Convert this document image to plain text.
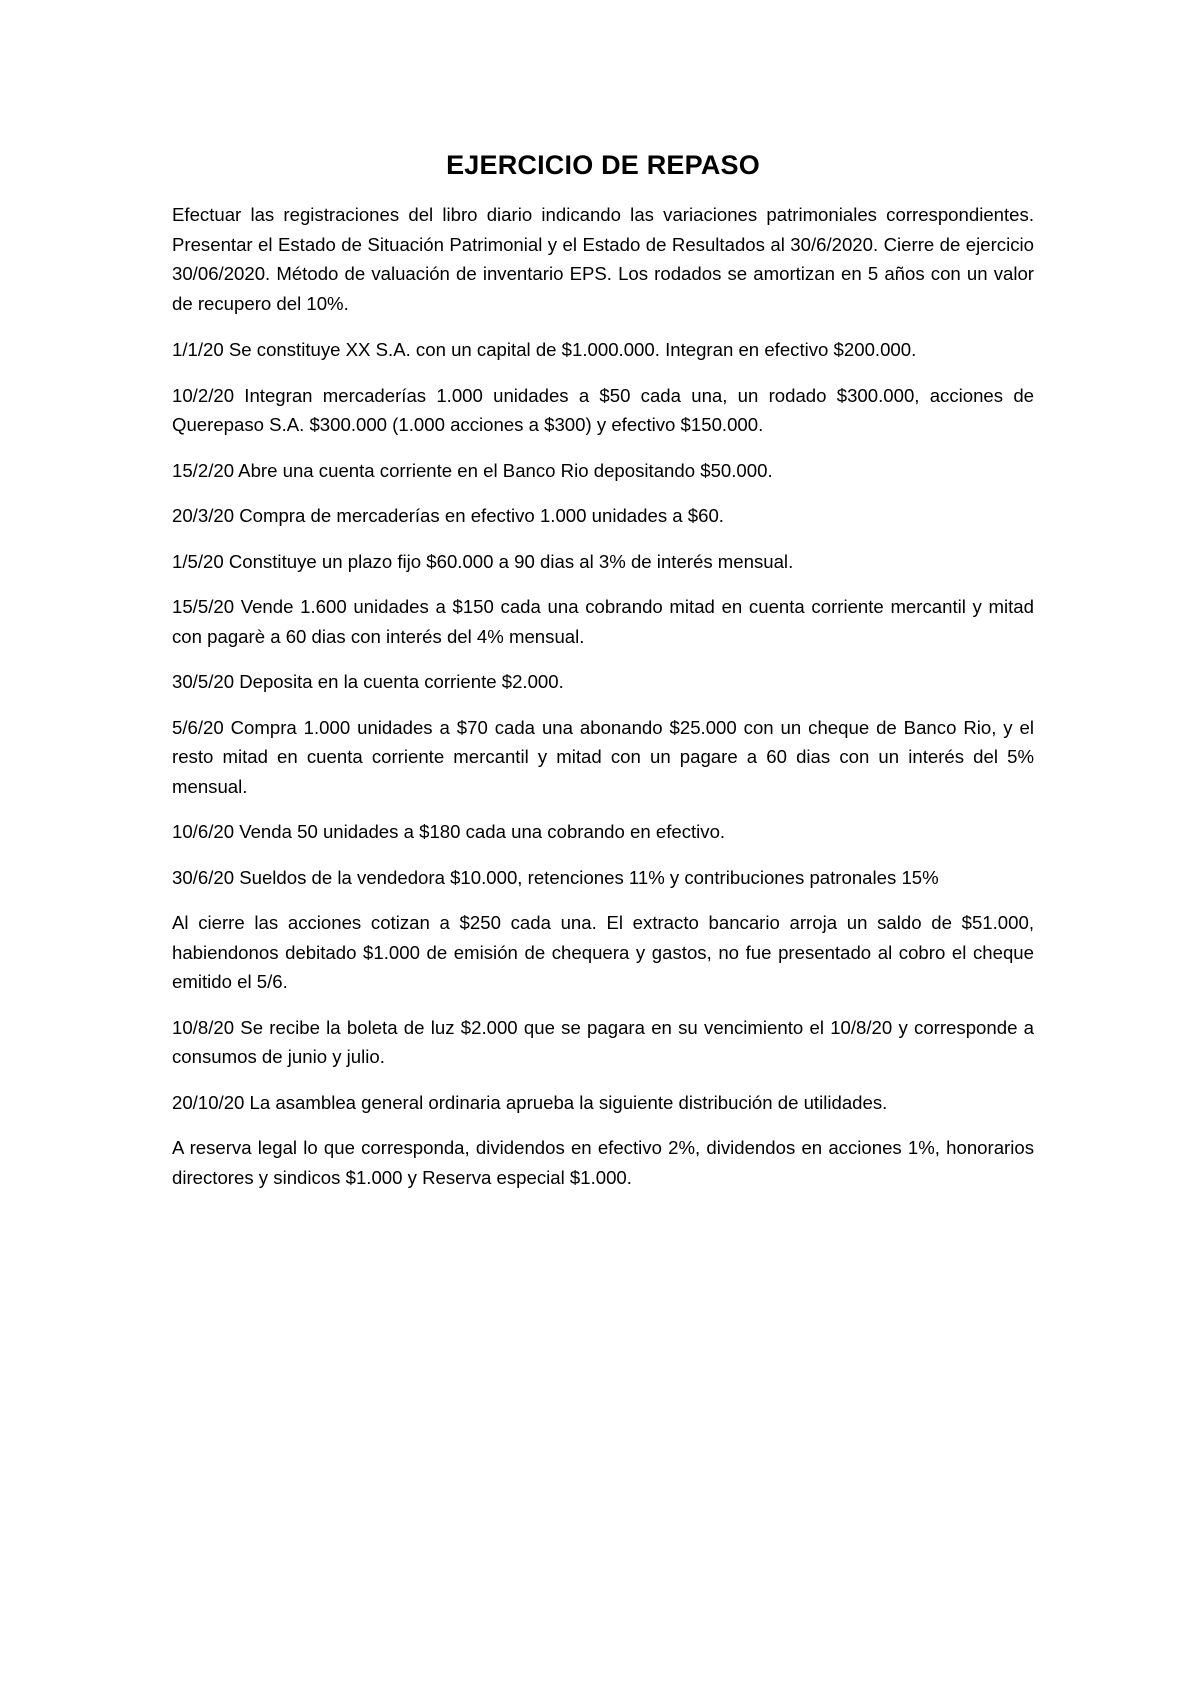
EJERCICIO DE REPASO

Efectuar las registraciones del libro diario indicando las variaciones patrimoniales correspondientes. Presentar el Estado de Situación Patrimonial y el Estado de Resultados al 30/6/2020. Cierre de ejercicio 30/06/2020. Método de valuación de inventario EPS. Los rodados se amortizan en 5 años con un valor de recupero del 10%.

1/1/20 Se constituye XX S.A. con un capital de $1.000.000. Integran en efectivo $200.000.

10/2/20 Integran mercaderías 1.000 unidades a $50 cada una, un rodado $300.000, acciones de Querepaso S.A. $300.000 (1.000 acciones a $300) y efectivo $150.000.

15/2/20 Abre una cuenta corriente en el Banco Rio depositando $50.000.

20/3/20 Compra de mercaderías en efectivo 1.000 unidades a $60.

1/5/20 Constituye un plazo fijo $60.000 a 90 dias al 3% de interés mensual.

15/5/20 Vende 1.600 unidades a $150 cada una cobrando mitad en cuenta corriente mercantil y mitad con pagarè a 60 dias con interés del 4% mensual.

30/5/20 Deposita en la cuenta corriente $2.000.

5/6/20 Compra 1.000 unidades a $70 cada una abonando $25.000 con un cheque de Banco Rio, y el resto mitad en cuenta corriente mercantil y mitad con un pagare a 60 dias con un interés del 5% mensual.

10/6/20 Venda 50 unidades a $180 cada una cobrando en efectivo.

30/6/20 Sueldos de la vendedora $10.000, retenciones 11% y contribuciones patronales 15%

Al cierre las acciones cotizan a $250 cada una. El extracto bancario arroja un saldo de $51.000, habiendonos debitado $1.000 de emisión de chequera y gastos, no fue presentado al cobro el cheque emitido el 5/6.

10/8/20 Se recibe la boleta de luz $2.000 que se pagara en su vencimiento el 10/8/20 y corresponde a consumos de junio y julio.

20/10/20 La asamblea general ordinaria aprueba la siguiente distribución de utilidades.

A reserva legal lo que corresponda, dividendos en efectivo 2%, dividendos en acciones 1%, honorarios directores y sindicos $1.000 y Reserva especial $1.000.
